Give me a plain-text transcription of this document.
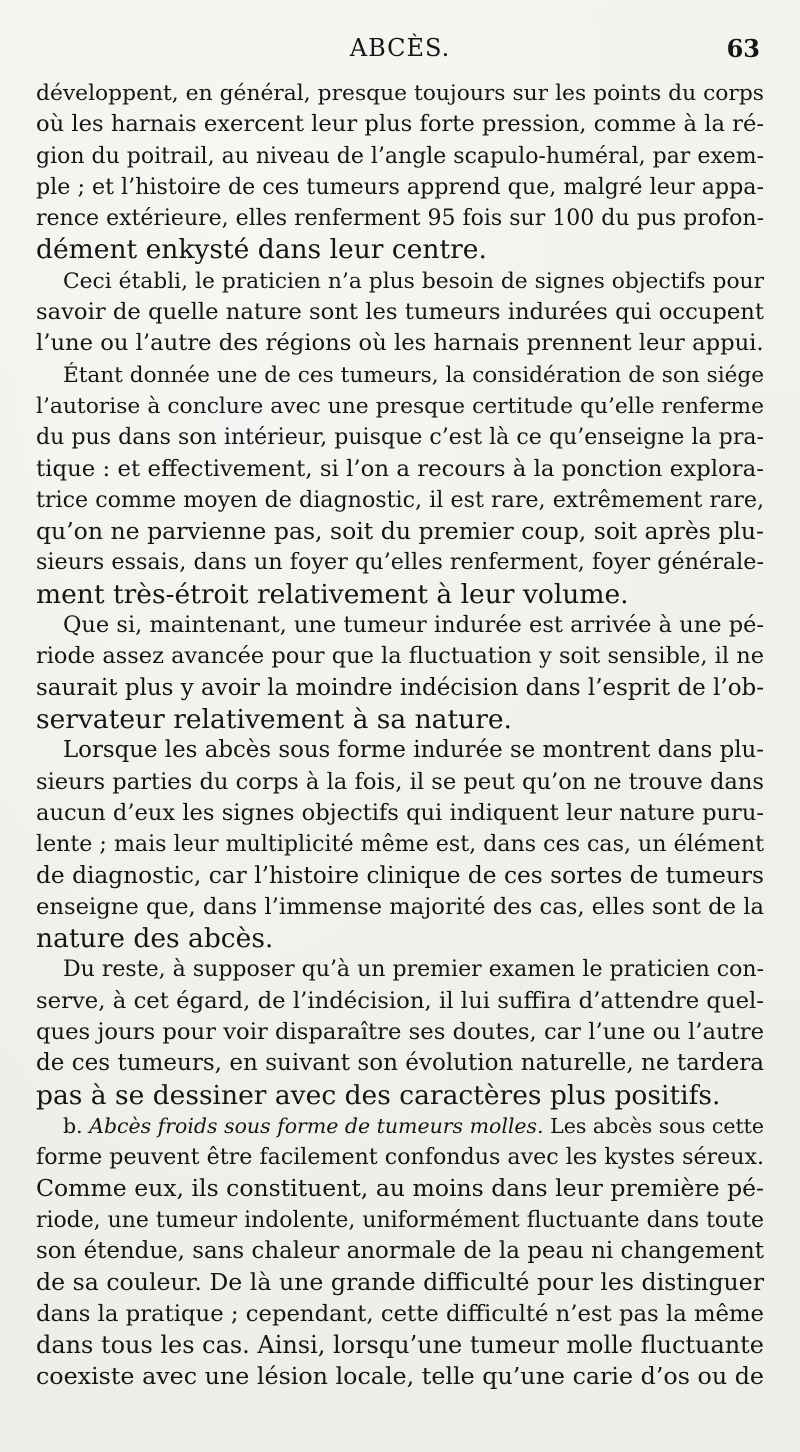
ABCÈS.	63

développent, en général, presque toujours sur les points du corps

où les harnais exercent leur plus forte pression, comme à la ré-

gion du poitrail, au niveau de l’angle scapulo-huméral, par exem-

ple ; et l’histoire de ces tumeurs apprend que, malgré leur appa-

rence extérieure, elles renferment 95 fois sur 100 du pus profon-

dément enkysté dans leur centre.

Ceci établi, le praticien n’a plus besoin de signes objectifs pour

savoir de quelle nature sont les tumeurs indurées qui occupent

l’une ou l’autre des régions où les harnais prennent leur appui.

Étant donnée une de ces tumeurs, la considération de son siége

l’autorise à conclure avec une presque certitude qu’elle renferme

du pus dans son intérieur, puisque c’est là ce qu’enseigne la pra-

tique : et effectivement, si l’on a recours à la ponction explora-

trice comme moyen de diagnostic, il est rare, extrêmement rare,

qu’on ne parvienne pas, soit du premier coup, soit après plu-

sieurs essais, dans un foyer qu’elles renferment, foyer générale-

ment très-étroit relativement à leur volume.

Que si, maintenant, une tumeur indurée est arrivée à une pé-

riode assez avancée pour que la fluctuation y soit sensible, il ne

saurait plus y avoir la moindre indécision dans l’esprit de l’ob-

servateur relativement à sa nature.

Lorsque les abcès sous forme indurée se montrent dans plu-

sieurs parties du corps à la fois, il se peut qu’on ne trouve dans

aucun d’eux les signes objectifs qui indiquent leur nature puru-

lente ; mais leur multiplicité même est, dans ces cas, un élément

de diagnostic, car l’histoire clinique de ces sortes de tumeurs

enseigne que, dans l’immense majorité des cas, elles sont de la

nature des abcès.

Du reste, à supposer qu’à un premier examen le praticien con-

serve, à cet égard, de l’indécision, il lui suffira d’attendre quel-

ques jours pour voir disparaître ses doutes, car l’une ou l’autre

de ces tumeurs, en suivant son évolution naturelle, ne tardera

pas à se dessiner avec des caractères plus positifs.

b. Abcès froids sous forme de tumeurs molles. Les abcès sous cette

forme peuvent être facilement confondus avec les kystes séreux.

Comme eux, ils constituent, au moins dans leur première pé-

riode, une tumeur indolente, uniformément fluctuante dans toute

son étendue, sans chaleur anormale de la peau ni changement

de sa couleur. De là une grande difficulté pour les distinguer

dans la pratique ; cependant, cette difficulté n’est pas la même

dans tous les cas. Ainsi, lorsqu’une tumeur molle fluctuante

coexiste avec une lésion locale, telle qu’une carie d’os ou de
